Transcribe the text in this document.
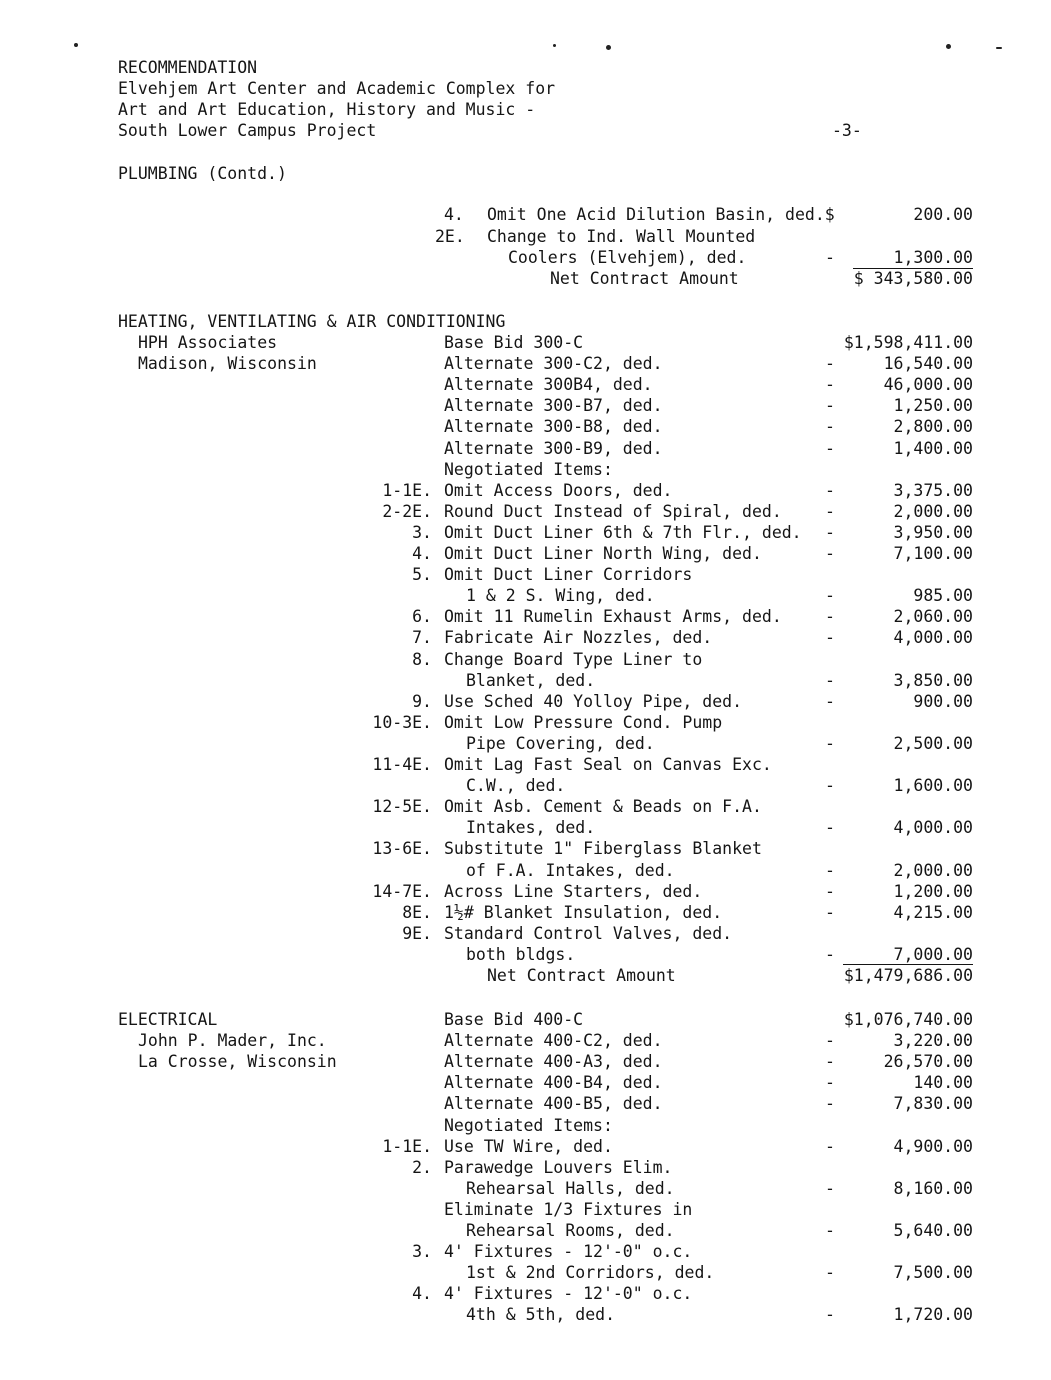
RECOMMENDATION
Elvehjem Art Center and Academic Complex for
Art and Art Education, History and Music -
South Lower Campus Project	-3-
PLUMBING (Contd.)
4. Omit One Acid Dilution Basin, ded.$	200.00
2E. Change to Ind. Wall Mounted
Coolers (Elvehjem), ded.	-	1,300.00
Net Contract Amount	$ 343,580.00
HEATING, VENTILATING & AIR CONDITIONING
HPH Associates
Madison, Wisconsin
Base Bid 300-C	$1,598,411.00
Alternate 300-C2, ded.	-	16,540.00
Alternate 300B4, ded.	-	46,000.00
Alternate 300-B7, ded.	-	1,250.00
Alternate 300-B8, ded.	-	2,800.00
Alternate 300-B9, ded.	-	1,400.00
Negotiated Items:
1-1E. Omit Access Doors, ded.	-	3,375.00
2-2E. Round Duct Instead of Spiral, ded.	-	2,000.00
3. Omit Duct Liner 6th & 7th Flr., ded. -	3,950.00
4. Omit Duct Liner North Wing, ded.	-	7,100.00
5. Omit Duct Liner Corridors
1 & 2 S. Wing, ded.	-	985.00
6. Omit 11 Rumelin Exhaust Arms, ded.	-	2,060.00
7. Fabricate Air Nozzles, ded.	-	4,000.00
8. Change Board Type Liner to
Blanket, ded.	-	3,850.00
9. Use Sched 40 Yolloy Pipe, ded.	-	900.00
10-3E. Omit Low Pressure Cond. Pump
Pipe Covering, ded.	-	2,500.00
11-4E. Omit Lag Fast Seal on Canvas Exc.
C.W., ded.	-	1,600.00
12-5E. Omit Asb. Cement & Beads on F.A.
Intakes, ded.	-	4,000.00
13-6E. Substitute 1" Fiberglass Blanket
of F.A. Intakes, ded.	-	2,000.00
14-7E. Across Line Starters, ded.	-	1,200.00
8E. 1½# Blanket Insulation, ded.	-	4,215.00
9E. Standard Control Valves, ded.
both bldgs.	-	7,000.00
Net Contract Amount	$1,479,686.00
ELECTRICAL
John P. Mader, Inc.
La Crosse, Wisconsin
Base Bid 400-C	$1,076,740.00
Alternate 400-C2, ded.	-	3,220.00
Alternate 400-A3, ded.	-	26,570.00
Alternate 400-B4, ded.	-	140.00
Alternate 400-B5, ded.	-	7,830.00
Negotiated Items:
1-1E. Use TW Wire, ded.	-	4,900.00
2. Parawedge Louvers Elim.
Rehearsal Halls, ded.	-	8,160.00
Eliminate 1/3 Fixtures in
Rehearsal Rooms, ded.	-	5,640.00
3. 4' Fixtures - 12'-0" o.c.
1st & 2nd Corridors, ded.	-	7,500.00
4. 4' Fixtures - 12'-0" o.c.
4th & 5th, ded.	-	1,720.00
